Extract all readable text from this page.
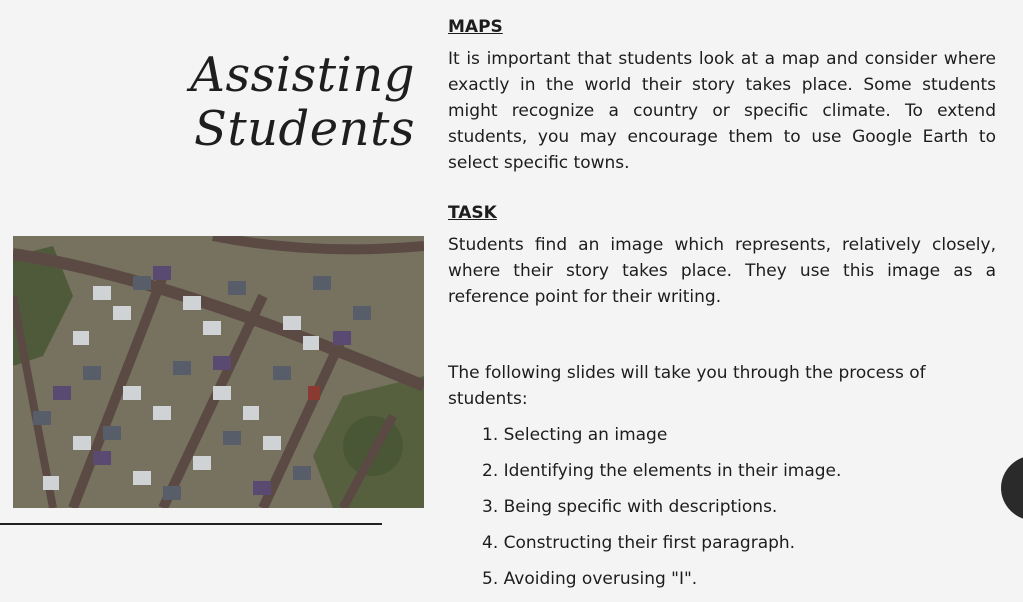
Assisting
Students
MAPS

It is important that students look at a map and consider where exactly in the world their story takes place. Some students might recognize a country or specific climate. To extend students, you may encourage them to use Google Earth to select specific towns.

TASK

Students find an image which represents, relatively closely, where their story takes place. They use this image as a reference point for their writing.

The following slides will take you through the process of students:
1. Selecting an image
2. Identifying the elements in their image.
3. Being specific with descriptions.
4. Constructing their first paragraph.
5. Avoiding overusing "I".
